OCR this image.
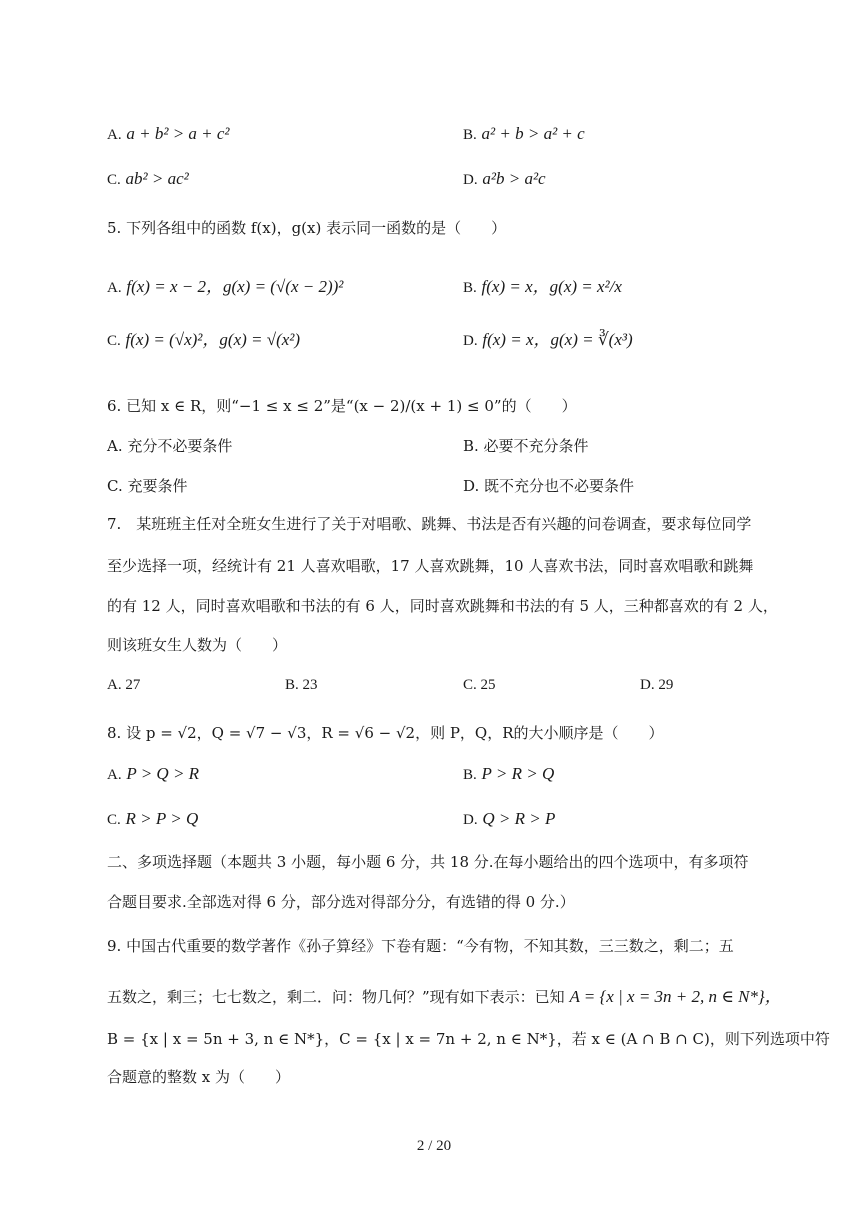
A. a + b² > a + c²	B. a² + b > a² + c
C. ab² > ac²	D. a²b > a²c
5. 下列各组中的函数 f(x)，g(x) 表示同一函数的是（　　）
A. f(x) = x − 2，g(x) = (√(x − 2))²	B. f(x) = x，g(x) = x²/x
C. f(x) = (√x)²，g(x) = √(x²)	D. f(x) = x，g(x) = ∛(x³)
6. 已知 x ∈ R，则“−1 ≤ x ≤ 2”是“(x − 2)/(x + 1) ≤ 0”的（　　）
A. 充分不必要条件	B. 必要不充分条件
C. 充要条件	D. 既不充分也不必要条件
7.　某班班主任对全班女生进行了关于对唱歌、跳舞、书法是否有兴趣的问卷调查，要求每位同学
至少选择一项，经统计有 21 人喜欢唱歌，17 人喜欢跳舞，10 人喜欢书法，同时喜欢唱歌和跳舞
的有 12 人，同时喜欢唱歌和书法的有 6 人，同时喜欢跳舞和书法的有 5 人，三种都喜欢的有 2 人，
则该班女生人数为（　　）
A. 27	B. 23	C. 25	D. 29
8. 设 p = √2，Q = √7 − √3，R = √6 − √2，则 P，Q，R的大小顺序是（　　）
A. P > Q > R	B. P > R > Q
C. R > P > Q	D. Q > R > P
二、多项选择题（本题共 3 小题，每小题 6 分，共 18 分.在每小题给出的四个选项中，有多项符
合题目要求.全部选对得 6 分，部分选对得部分分，有选错的得 0 分.）
9. 中国古代重要的数学著作《孙子算经》下卷有题：“今有物，不知其数，三三数之，剩二；五
五数之，剩三；七七数之，剩二．问：物几何？”现有如下表示：已知 A = {x | x = 3n + 2, n ∈ N*}，
B = {x | x = 5n + 3, n ∈ N*}，C = {x | x = 7n + 2, n ∈ N*}，若 x ∈ (A ∩ B ∩ C)，则下列选项中符
合题意的整数 x 为（　　）
2 / 20
